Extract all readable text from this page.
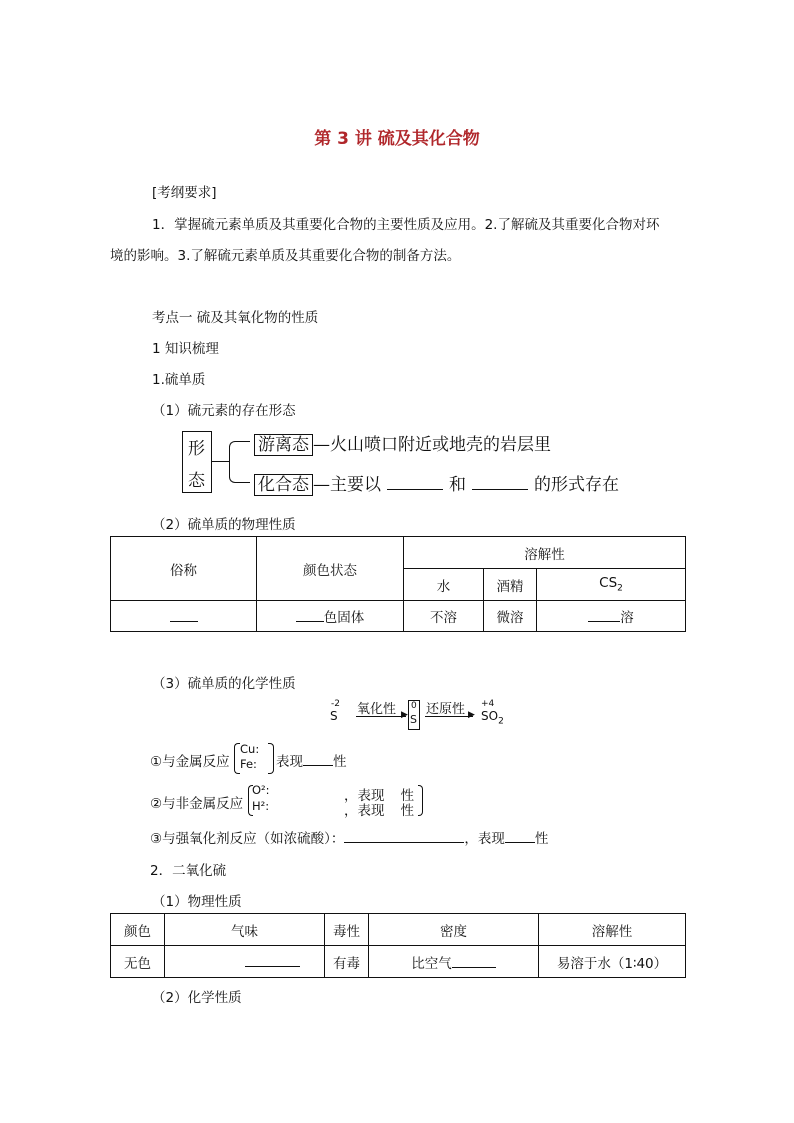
第 3 讲 硫及其化合物
[考纲要求]
1．掌握硫元素单质及其重要化合物的主要性质及应用。2.了解硫及其重要化合物对环
境的影响。3.了解硫元素单质及其重要化合物的制备方法。
考点一 硫及其氧化物的性质
1 知识梳理
1.硫单质
（1）硫元素的存在形态
形
态
游离态 —火山喷口附近或地壳的岩层里
化合态 —主要以	和	的形式存在
（2）硫单质的物理性质
俗称	颜色状态	溶解性		
		水	酒精	$CS_2$
	色固体	不溶	微溶	溶
（3）硫单质的化学性质
-2
S 氧化性 ▶
0
S
还原性 ▶
+4
$SO_2$
①与金属反应
Cu:
Fe: 表现 性
②与非金属反应
O²:
H²:
，表现 性
，表现 性
③与强氧化剂反应（如浓硫酸）：	，表现 性
2．二氧化硫
（1）物理性质
颜色	气味	毒性	密度	溶解性
无色		有毒	比空气	易溶于水（1∶40）
（2）化学性质
